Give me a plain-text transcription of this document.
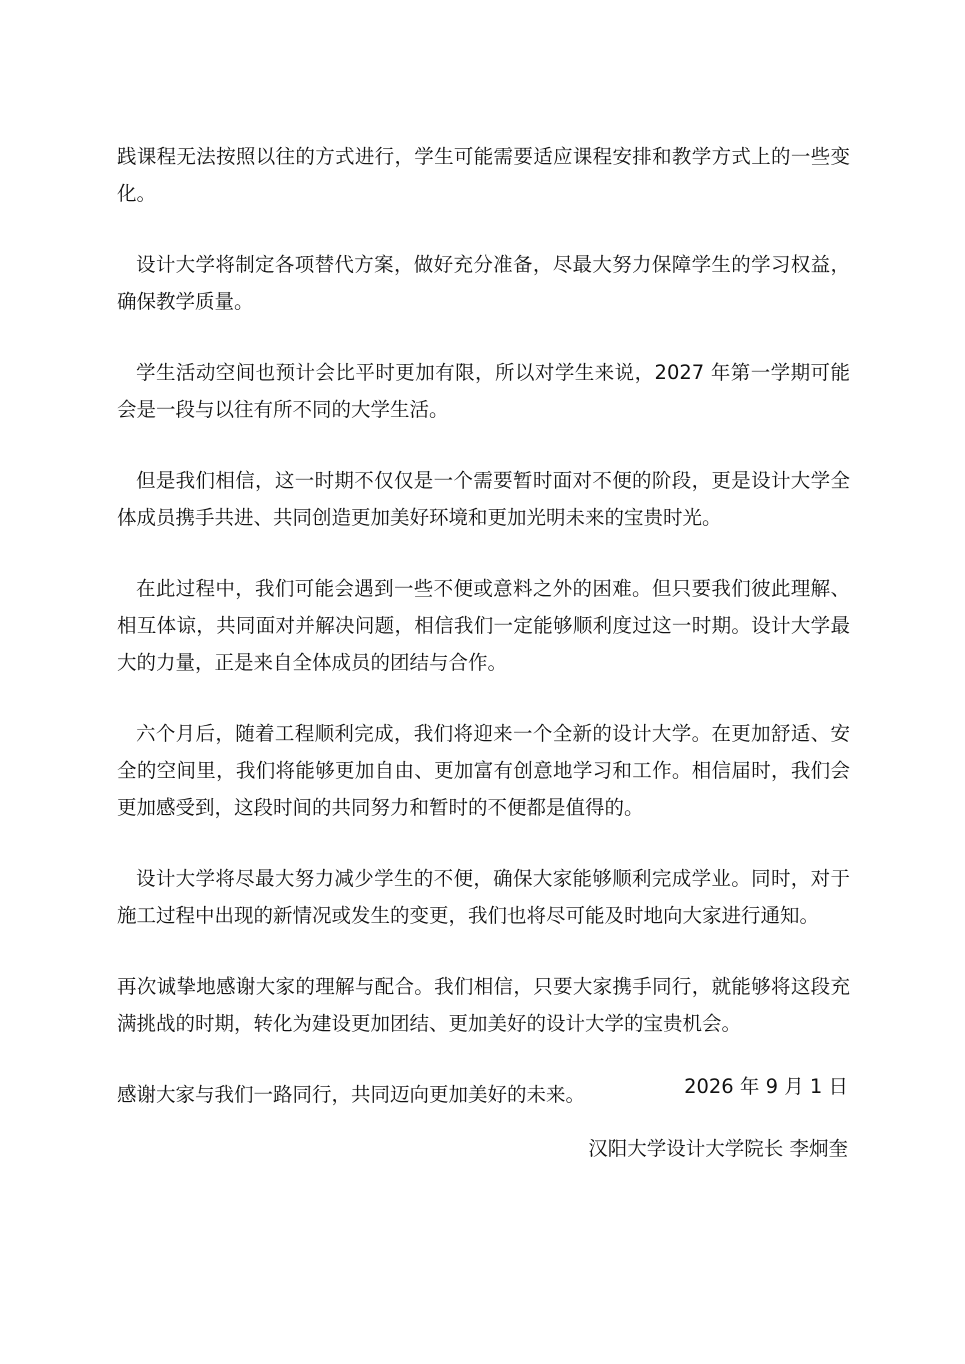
践课程无法按照以往的方式进行，学生可能需要适应课程安排和教学方式上的一些变化。

设计大学将制定各项替代方案，做好充分准备，尽最大努力保障学生的学习权益，确保教学质量。

学生活动空间也预计会比平时更加有限，所以对学生来说，2027 年第一学期可能会是一段与以往有所不同的大学生活。

但是我们相信，这一时期不仅仅是一个需要暂时面对不便的阶段，更是设计大学全体成员携手共进、共同创造更加美好环境和更加光明未来的宝贵时光。

在此过程中，我们可能会遇到一些不便或意料之外的困难。但只要我们彼此理解、相互体谅，共同面对并解决问题，相信我们一定能够顺利度过这一时期。设计大学最大的力量，正是来自全体成员的团结与合作。

六个月后，随着工程顺利完成，我们将迎来一个全新的设计大学。在更加舒适、安全的空间里，我们将能够更加自由、更加富有创意地学习和工作。相信届时，我们会更加感受到，这段时间的共同努力和暂时的不便都是值得的。

设计大学将尽最大努力减少学生的不便，确保大家能够顺利完成学业。同时，对于施工过程中出现的新情况或发生的变更，我们也将尽可能及时地向大家进行通知。

再次诚挚地感谢大家的理解与配合。我们相信，只要大家携手同行，就能够将这段充满挑战的时期，转化为建设更加团结、更加美好的设计大学的宝贵机会。

感谢大家与我们一路同行，共同迈向更加美好的未来。	2026 年 9 月 1 日
汉阳大学设计大学院长 李炯奎
